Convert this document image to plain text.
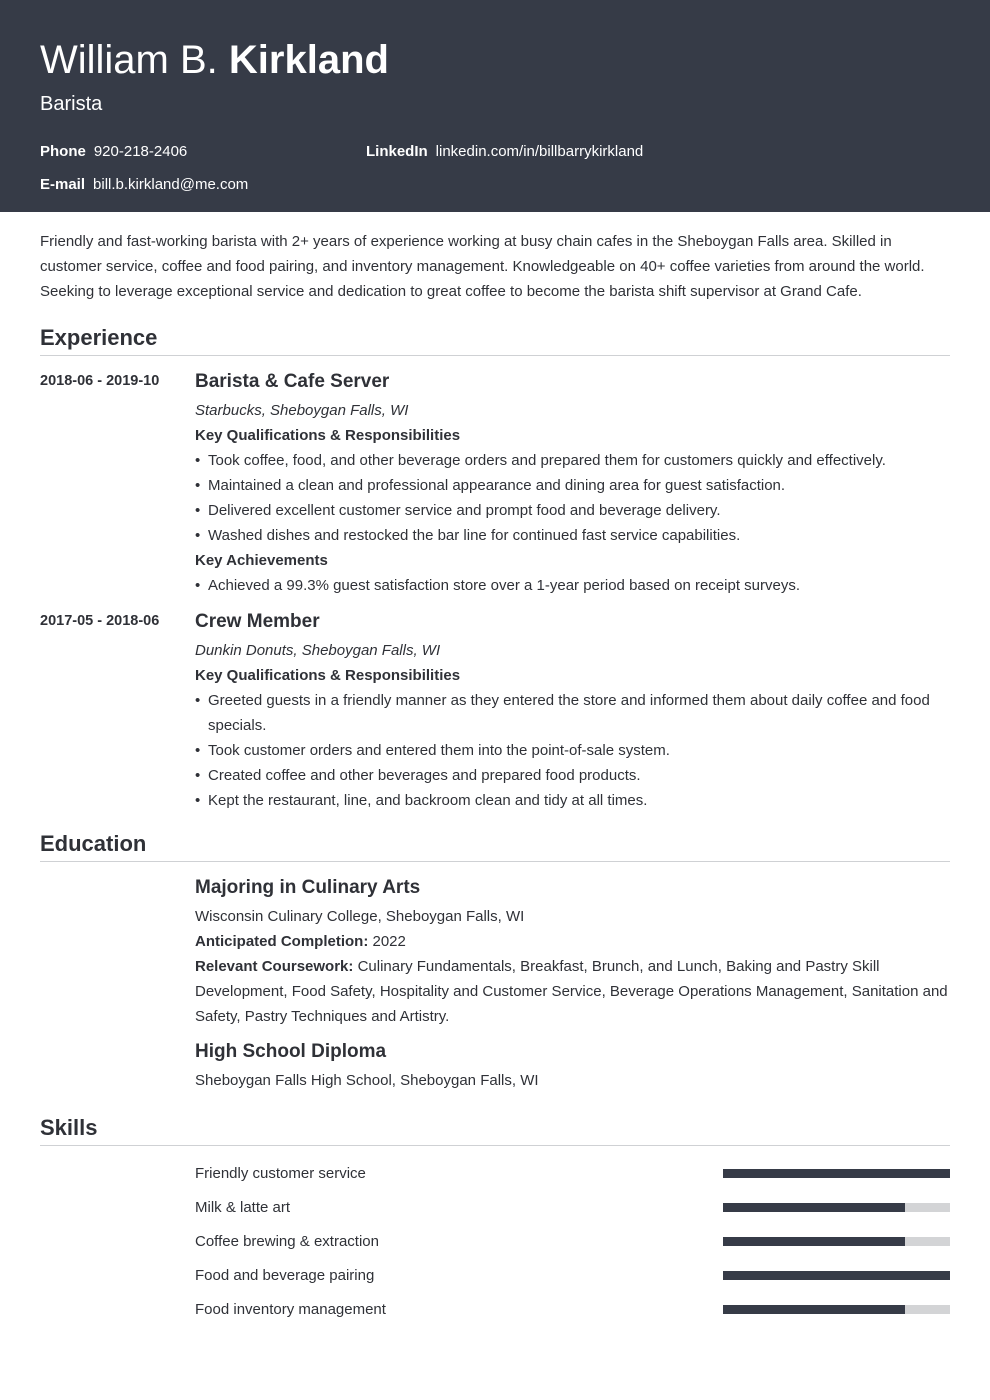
William B. Kirkland
Barista
Phone 920-218-2406	LinkedIn linkedin.com/in/billbarrykirkland
E-mail bill.b.kirkland@me.com

Friendly and fast-working barista with 2+ years of experience working at busy chain cafes in the Sheboygan Falls area. Skilled in customer service, coffee and food pairing, and inventory management. Knowledgeable on 40+ coffee varieties from around the world. Seeking to leverage exceptional service and dedication to great coffee to become the barista shift supervisor at Grand Cafe.

Experience
2018-06 - 2019-10	Barista & Cafe Server
Starbucks, Sheboygan Falls, WI
Key Qualifications & Responsibilities
• Took coffee, food, and other beverage orders and prepared them for customers quickly and effectively.
• Maintained a clean and professional appearance and dining area for guest satisfaction.
• Delivered excellent customer service and prompt food and beverage delivery.
• Washed dishes and restocked the bar line for continued fast service capabilities.
Key Achievements
• Achieved a 99.3% guest satisfaction store over a 1-year period based on receipt surveys.
2017-05 - 2018-06	Crew Member
Dunkin Donuts, Sheboygan Falls, WI
Key Qualifications & Responsibilities
• Greeted guests in a friendly manner as they entered the store and informed them about daily coffee and food specials.
• Took customer orders and entered them into the point-of-sale system.
• Created coffee and other beverages and prepared food products.
• Kept the restaurant, line, and backroom clean and tidy at all times.
Education
Majoring in Culinary Arts
Wisconsin Culinary College, Sheboygan Falls, WI
Anticipated Completion: 2022
Relevant Coursework: Culinary Fundamentals, Breakfast, Brunch, and Lunch, Baking and Pastry Skill Development, Food Safety, Hospitality and Customer Service, Beverage Operations Management, Sanitation and Safety, Pastry Techniques and Artistry.
High School Diploma
Sheboygan Falls High School, Sheboygan Falls, WI
Skills
Friendly customer service
Milk & latte art
Coffee brewing & extraction
Food and beverage pairing
Food inventory management
